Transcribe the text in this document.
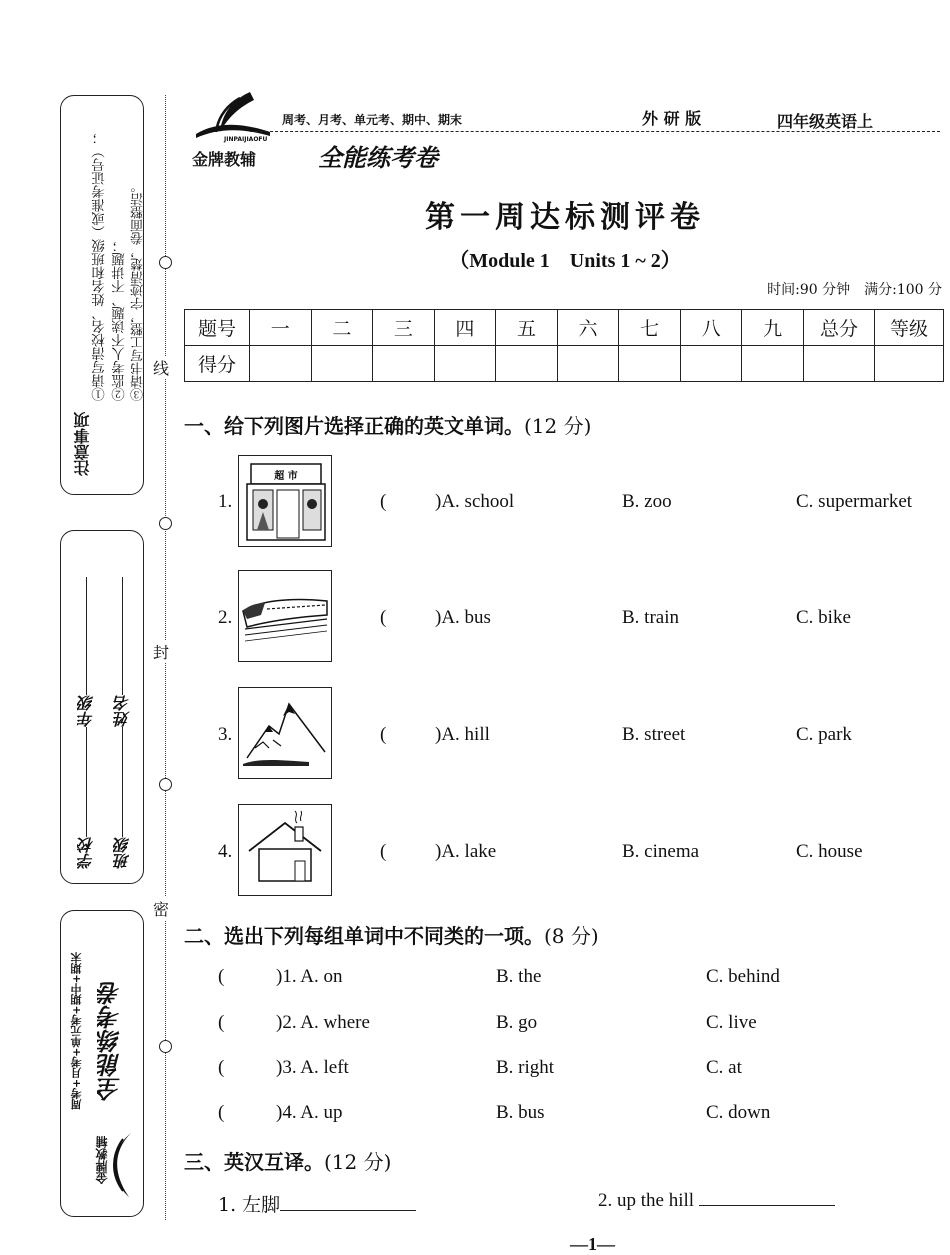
注意事项
①请写清校名、姓名和班级（或准考证号）； ②监考人不读题、不讲题； ③请书写工整，字迹清楚，卷面整洁。
学校年级
班级姓名
周考+月考+单元考+期中+期末 全能练考卷
金牌教辅
线
封
密
JINPAIJIAOFU
金牌教辅
周考、月考、单元考、期中、期末	外 研 版	四年级英语上
全能练考卷
第一周达标测评卷
（Module 1　Units 1 ~ 2）
时间:90 分钟　满分:100 分
题号	一	二	三	四	五	六	七	八	九	总分	等级
得分											
一、给下列图片选择正确的英文单词。(12 分)
1.
超 市
(	)A. school	B. zoo	C. supermarket
2.	(	)A. bus	B. train	C. bike
3.	(	)A. hill	B. street	C. park
4.	(	)A. lake	B. cinema	C. house
二、选出下列每组单词中不同类的一项。(8 分)
(	)1. A. on	B. the	C. behind
(	)2. A. where	B. go	C. live
(	)3. A. left	B. right	C. at
(	)4. A. up	B. bus	C. down
三、英汉互译。(12 分)
1. 左脚	2. up the hill
—1—
